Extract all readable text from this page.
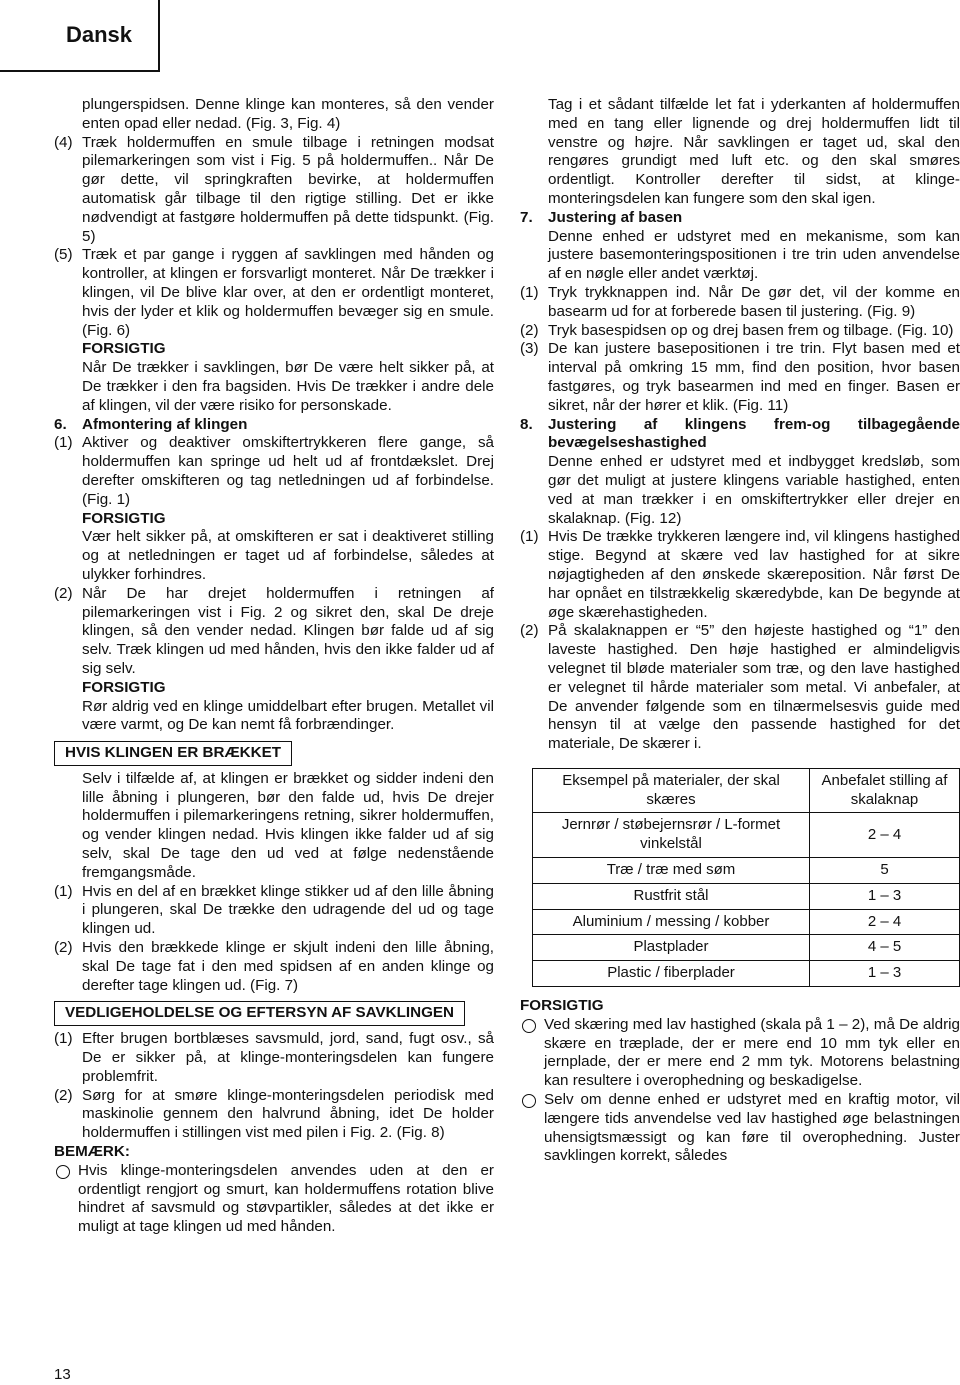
Dansk

plungerspidsen. Denne klinge kan monteres, så den vender enten opad eller nedad. (Fig. 3, Fig. 4)

(4) Træk holdermuffen en smule tilbage i retningen modsat pilemarkeringen som vist i Fig. 5 på holdermuffen.. Når De gør dette, vil springkraften bevirke, at holdermuffen automatisk går tilbage til den rigtige stilling. Det er ikke nødvendigt at fastgøre holdermuffen på dette tidspunkt. (Fig. 5)
(5) Træk et par gange i ryggen af savklingen med hånden og kontroller, at klingen er forsvarligt monteret. Når De trækker i klingen, vil De blive klar over, at den er ordentligt monteret, hvis der lyder et klik og holdermuffen bevæger sig en smule. (Fig. 6)

FORSIGTIG

Når De trækker i savklingen, bør De være helt sikker på, at De trækker i den fra bagsiden. Hvis De trækker i andre dele af klingen, vil der være risiko for personskade.

6.	Afmontering af klingen
(1) Aktiver og deaktiver omskiftertrykkeren flere gange, så holdermuffen kan springe ud helt ud af frontdækslet. Drej derefter omskifteren og tag netledningen ud af forbindelse. (Fig. 1)

FORSIGTIG

Vær helt sikker på, at omskifteren er sat i deaktiveret stilling og at netledningen er taget ud af forbindelse, således at ulykker forhindres.

(2) Når De har drejet holdermuffen i retningen af pilemarkeringen vist i Fig. 2 og sikret den, skal De dreje klingen, så den vender nedad. Klingen bør falde ud af sig selv. Træk klingen ud med hånden, hvis den ikke falder ud af sig selv.

FORSIGTIG

Rør aldrig ved en klinge umiddelbart efter brugen. Metallet vil være varmt, og De kan nemt få forbrændinger.

HVIS KLINGEN ER BRÆKKET

Selv i tilfælde af, at klingen er brækket og sidder indeni den lille åbning i plungeren, bør den falde ud, hvis De drejer holdermuffen i pilemarkeringens retning, sikrer holdermuffen, og vender klingen nedad. Hvis klingen ikke falder ud af sig selv, skal De tage den ud ved at følge nedenstående fremgangsmåde.

(1) Hvis en del af en brækket klinge stikker ud af den lille åbning i plungeren, skal De trække den udragende del ud og tage klingen ud.
(2) Hvis den brækkede klinge er skjult indeni den lille åbning, skal De tage fat i den med spidsen af en anden klinge og derefter tage klingen ud. (Fig. 7)
VEDLIGEHOLDELSE OG EFTERSYN AF SAVKLINGEN
(1) Efter brugen bortblæses savsmuld, jord, sand, fugt osv., så De er sikker på, at klinge-monteringsdelen kan fungere problemfrit.
(2) Sørg for at smøre klinge-monteringsdelen periodisk med maskinolie gennem den halvrund åbning, idet De holder holdermuffen i stillingen vist med pilen i Fig. 2. (Fig. 8)

BEMÆRK:

Hvis klinge-monteringsdelen anvendes uden at den er ordentligt rengjort og smurt, kan holdermuffens rotation blive hindret af savsmuld og støvpartikler, således at det ikke er muligt at tage klingen ud med hånden.

Tag i et sådant tilfælde let fat i yderkanten af holdermuffen med en tang eller lignende og drej holdermuffen lidt til venstre og højre. Når savklingen er taget ud, skal den rengøres grundigt med luft etc. og den skal smøres ordentligt. Kontroller derefter til sidst, at klinge-monteringsdelen kan fungere som den skal igen.

7.	Justering af basen

Denne enhed er udstyret med en mekanisme, som kan justere basemonteringspositionen i tre trin uden anvendelse af en nøgle eller andet værktøj.

(1) Tryk trykknappen ind. Når De gør det, vil der komme en basearm ud for at forberede basen til justering. (Fig. 9)
(2) Tryk basespidsen op og drej basen frem og tilbage. (Fig. 10)
(3) De kan justere basepositionen i tre trin. Flyt basen med et interval på omkring 15 mm, find den position, hvor basen fastgøres, og tryk basearmen ind med en finger. Basen er sikret, når der hører et klik. (Fig. 11)
8.	Justering af klingens frem-og tilbagegående bevægelseshastighed

Denne enhed er udstyret med et indbygget kredsløb, som gør det muligt at justere klingens variable hastighed, enten ved at man trækker i en omskiftertrykker eller drejer en skalaknap. (Fig. 12)

(1) Hvis De trække trykkeren længere ind, vil klingens hastighed stige. Begynd at skære ved lav hastighed for at sikre nøjagtigheden af den ønskede skæreposition. Når først De har opnået en tilstrækkelig skæredybde, kan De begynde at øge skærehastigheden.
(2) På skalaknappen er “5” den højeste hastighed og “1” den laveste hastighed. Den høje hastighed er almindeligvis velegnet til bløde materialer som træ, og den lave hastighed er velegnet til hårde materialer som metal. Vi anbefaler, at De anvender følgende som en tilnærmelsesvis guide med hensyn til at vælge den passende hastighed for det materiale, De skærer i.
Eksempel på materialer, der skal skæres	Anbefalet stilling af skalaknap
Jernrør / støbejernsrør / L-formet vinkelstål	2 – 4
Træ / træ med søm	5
Rustfrit stål	1 – 3
Aluminium / messing / kobber	2 – 4
Plastplader	4 – 5
Plastic / fiberplader	1 – 3

FORSIGTIG

Ved skæring med lav hastighed (skala på 1 – 2), må De aldrig skære en træplade, der er mere end 10 mm tyk eller en jernplade, der er mere end 2 mm tyk. Motorens belastning kan resultere i overophedning og beskadigelse.
Selv om denne enhed er udstyret med en kraftig motor, vil længere tids anvendelse ved lav hastighed øge belastningen uhensigtsmæssigt og kan føre til overophedning. Juster savklingen korrekt, således
13
